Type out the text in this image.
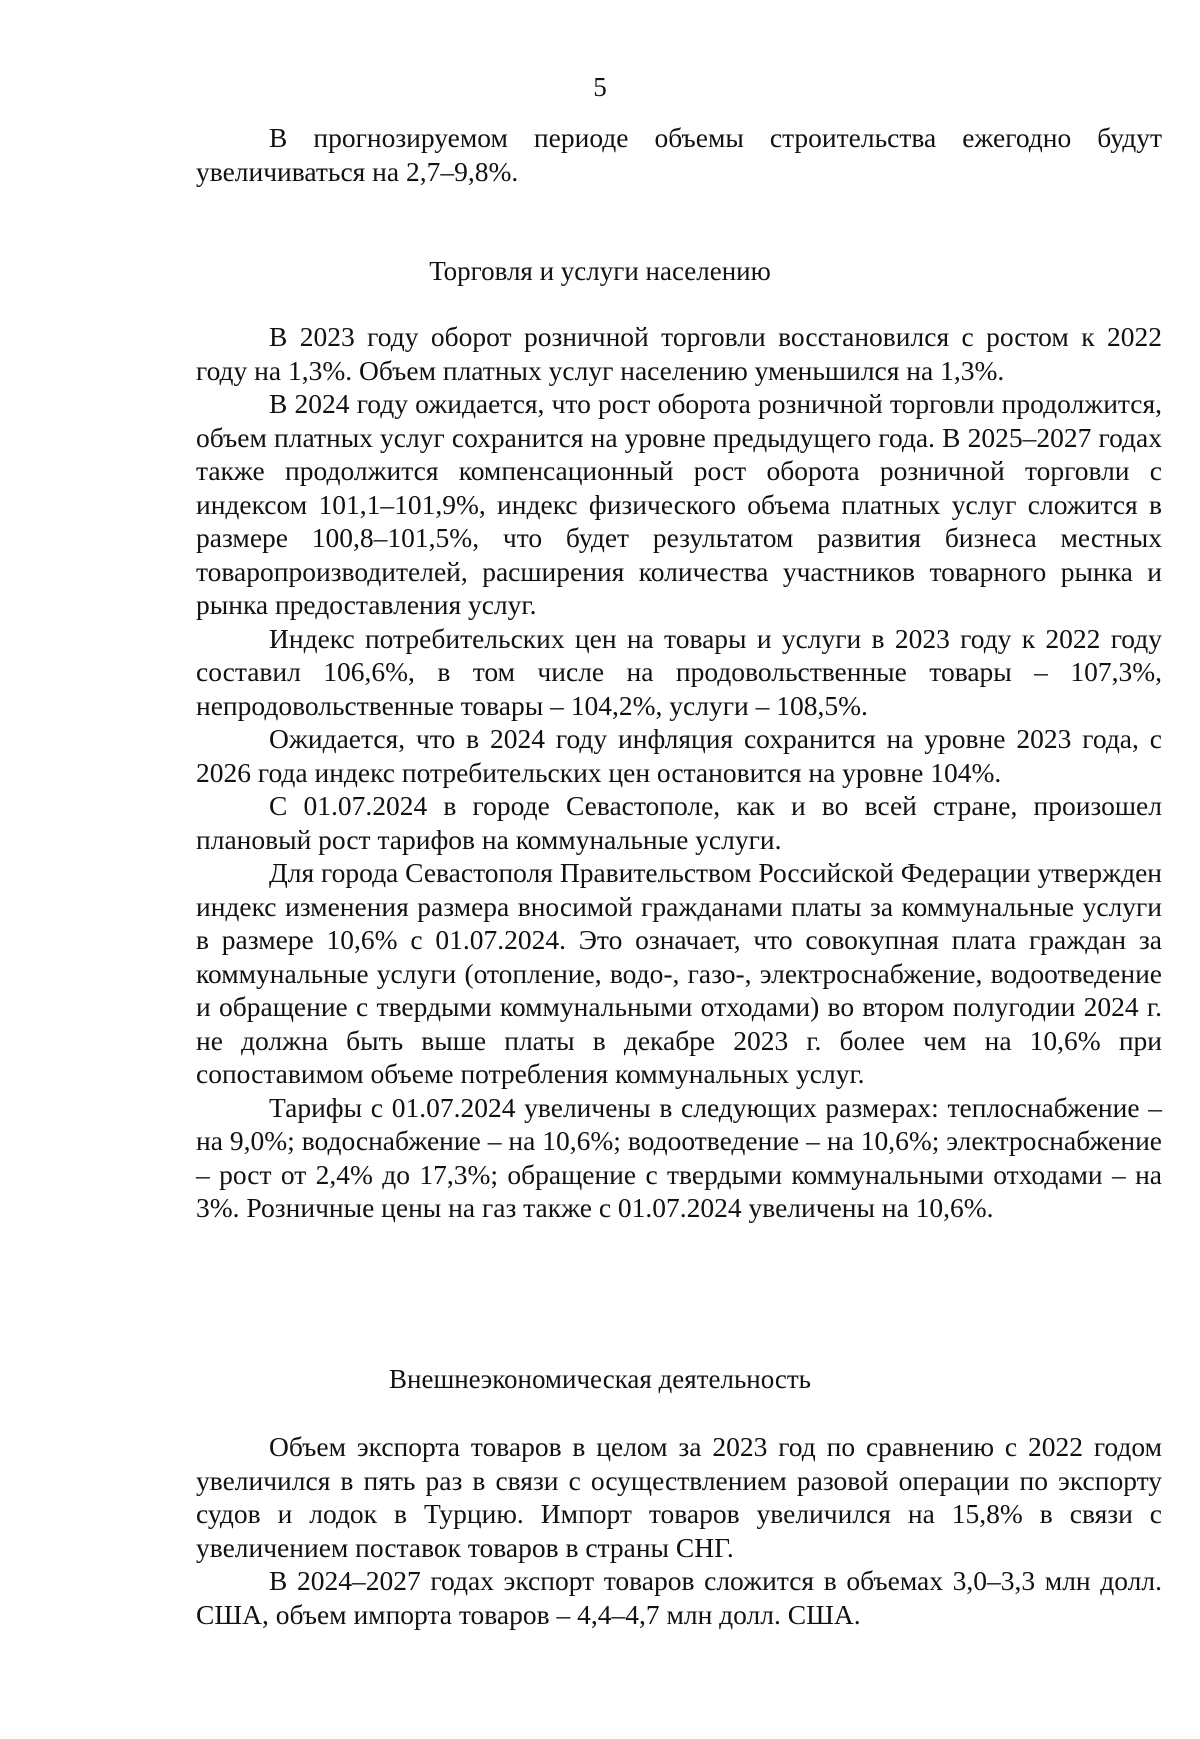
5

В прогнозируемом периоде объемы строительства ежегодно будут увеличиваться на 2,7–9,8%.

Торговля и услуги населению

В 2023 году оборот розничной торговли восстановился с ростом к 2022 году на 1,3%. Объем платных услуг населению уменьшился на 1,3%.

В 2024 году ожидается, что рост оборота розничной торговли продолжится, объем платных услуг сохранится на уровне предыдущего года. В 2025–2027 годах также продолжится компенсационный рост оборота розничной торговли с индексом 101,1–101,9%, индекс физического объема платных услуг сложится в размере 100,8–101,5%, что будет результатом развития бизнеса местных товаропроизводителей, расширения количества участников товарного рынка и рынка предоставления услуг.

Индекс потребительских цен на товары и услуги в 2023 году к 2022 году составил 106,6%, в том числе на продовольственные товары – 107,3%, непродовольственные товары – 104,2%, услуги – 108,5%.

Ожидается, что в 2024 году инфляция сохранится на уровне 2023 года, с 2026 года индекс потребительских цен остановится на уровне 104%.

С 01.07.2024 в городе Севастополе, как и во всей стране, произошел плановый рост тарифов на коммунальные услуги.

Для города Севастополя Правительством Российской Федерации утвержден индекс изменения размера вносимой гражданами платы за коммунальные услуги в размере 10,6% с 01.07.2024. Это означает, что совокупная плата граждан за коммунальные услуги (отопление, водо-, газо-, электроснабжение, водоотведение и обращение с твердыми коммунальными отходами) во втором полугодии 2024 г. не должна быть выше платы в декабре 2023 г. более чем на 10,6% при сопоставимом объеме потребления коммунальных услуг.

Тарифы с 01.07.2024 увеличены в следующих размерах: теплоснабжение – на 9,0%; водоснабжение – на 10,6%; водоотведение – на 10,6%; электроснабжение – рост от 2,4% до 17,3%; обращение с твердыми коммунальными отходами – на 3%. Розничные цены на газ также с 01.07.2024 увеличены на 10,6%.

Внешнеэкономическая деятельность

Объем экспорта товаров в целом за 2023 год по сравнению с 2022 годом увеличился в пять раз в связи с осуществлением разовой операции по экспорту судов и лодок в Турцию. Импорт товаров увеличился на 15,8% в связи с увеличением поставок товаров в страны СНГ.

В 2024–2027 годах экспорт товаров сложится в объемах 3,0–3,3 млн долл. США, объем импорта товаров – 4,4–4,7 млн долл. США.
